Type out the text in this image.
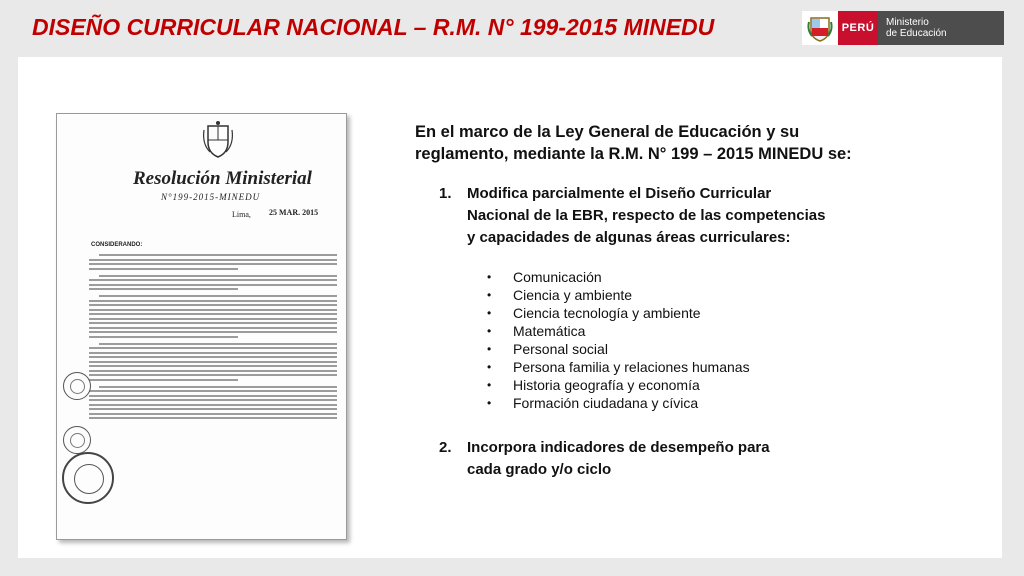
DISEÑO CURRICULAR NACIONAL – R.M. N° 199-2015 MINEDU	PERÚ	Ministerio
de Educación
Resolución Ministerial
N°199-2015-MINEDU
Lima, 25 MAR. 2015
CONSIDERANDO:
En el marco de la Ley General de Educación y su reglamento, mediante la R.M. N° 199 – 2015 MINEDU se:
1. Modifica parcialmente el Diseño Curricular Nacional de la EBR, respecto de las competencias y capacidades de algunas áreas curriculares:
• Comunicación
• Ciencia y ambiente
• Ciencia tecnología y ambiente
• Matemática
• Personal social
• Persona familia y relaciones humanas
• Historia geografía y economía
• Formación ciudadana y cívica
2. Incorpora indicadores de desempeño para cada grado y/o ciclo
